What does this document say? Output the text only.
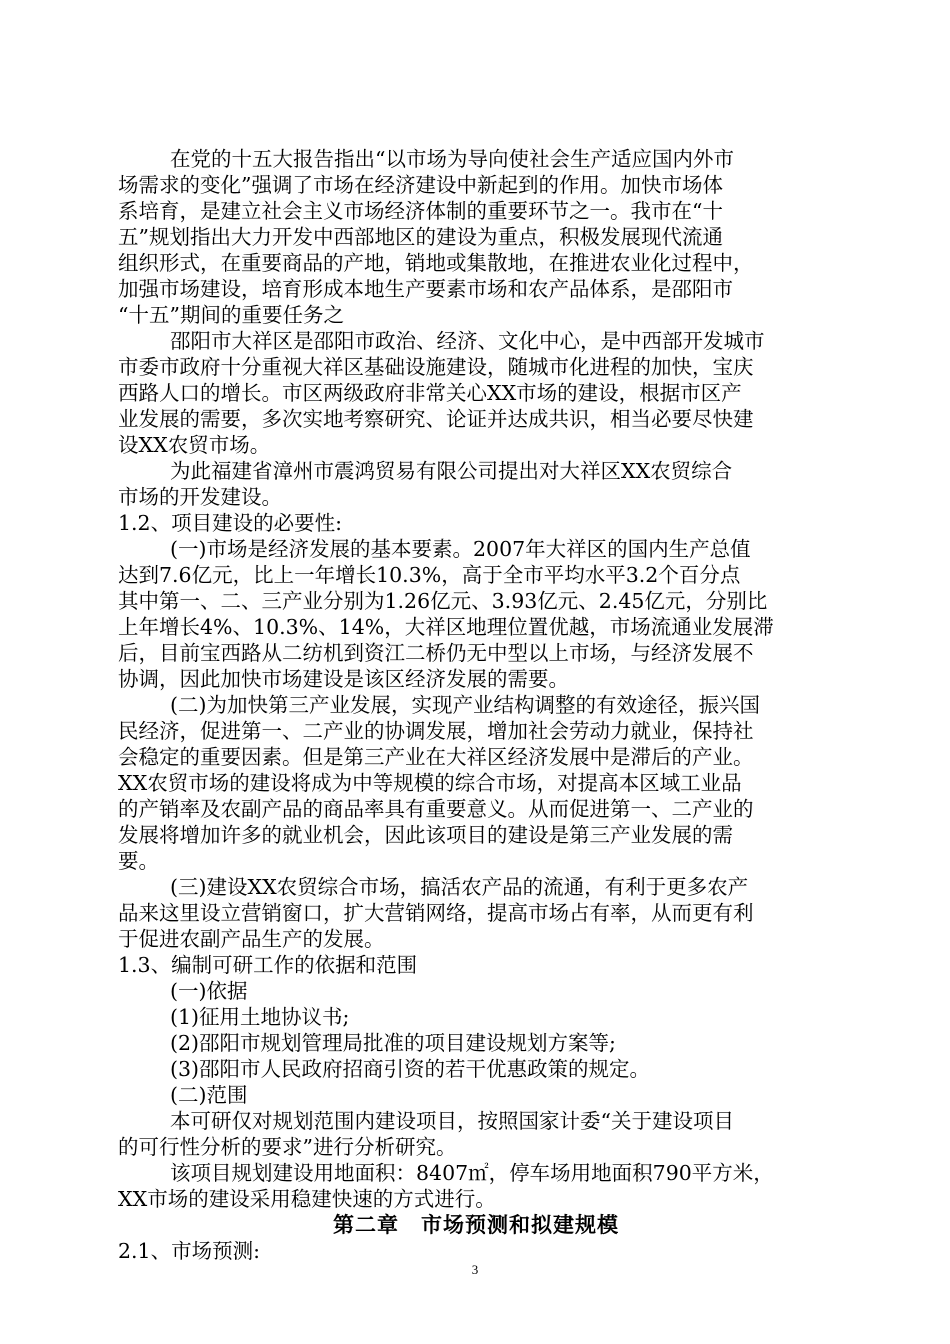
在党的十五大报告指出“以市场为导向使社会生产适应国内外市
场需求的变化”强调了市场在经济建设中新起到的作用。加快市场体
系培育，是建立社会主义市场经济体制的重要环节之一。我市在“十
五”规划指出大力开发中西部地区的建设为重点，积极发展现代流通
组织形式，在重要商品的产地，销地或集散地，在推进农业化过程中，
加强市场建设，培育形成本地生产要素市场和农产品体系，是邵阳市
“十五”期间的重要任务之
邵阳市大祥区是邵阳市政治、经济、文化中心，是中西部开发城市
市委市政府十分重视大祥区基础设施建设，随城市化进程的加快，宝庆
西路人口的增长。市区两级政府非常关心XX市场的建设，根据市区产
业发展的需要，多次实地考察研究、论证并达成共识，相当必要尽快建
设XX农贸市场。
为此福建省漳州市震鸿贸易有限公司提出对大祥区XX农贸综合
市场的开发建设。
1.2、项目建设的必要性:
(一)市场是经济发展的基本要素。2007年大祥区的国内生产总值
达到7.6亿元，比上一年增长10.3%，高于全市平均水平3.2个百分点
其中第一、二、三产业分别为1.26亿元、3.93亿元、2.45亿元，分别比
上年增长4%、10.3%、14%，大祥区地理位置优越，市场流通业发展滞
后，目前宝西路从二纺机到资江二桥仍无中型以上市场，与经济发展不
协调，因此加快市场建设是该区经济发展的需要。
(二)为加快第三产业发展，实现产业结构调整的有效途径，振兴国
民经济，促进第一、二产业的协调发展，增加社会劳动力就业，保持社
会稳定的重要因素。但是第三产业在大祥区经济发展中是滞后的产业。
XX农贸市场的建设将成为中等规模的综合市场，对提高本区域工业品
的产销率及农副产品的商品率具有重要意义。从而促进第一、二产业的
发展将增加许多的就业机会，因此该项目的建设是第三产业发展的需
要。
(三)建设XX农贸综合市场，搞活农产品的流通，有利于更多农产
品来这里设立营销窗口，扩大营销网络，提高市场占有率，从而更有利
于促进农副产品生产的发展。
1.3、编制可研工作的依据和范围
(一)依据
(1)征用土地协议书;
(2)邵阳市规划管理局批准的项目建设规划方案等;
(3)邵阳市人民政府招商引资的若干优惠政策的规定。
(二)范围
本可研仅对规划范围内建设项目，按照国家计委“关于建设项目
的可行性分析的要求”进行分析研究。
该项目规划建设用地面积：8407㎡，停车场用地面积790平方米，
XX市场的建设采用稳建快速的方式进行。
第二章　市场预测和拟建规模
2.1、市场预测:
3
